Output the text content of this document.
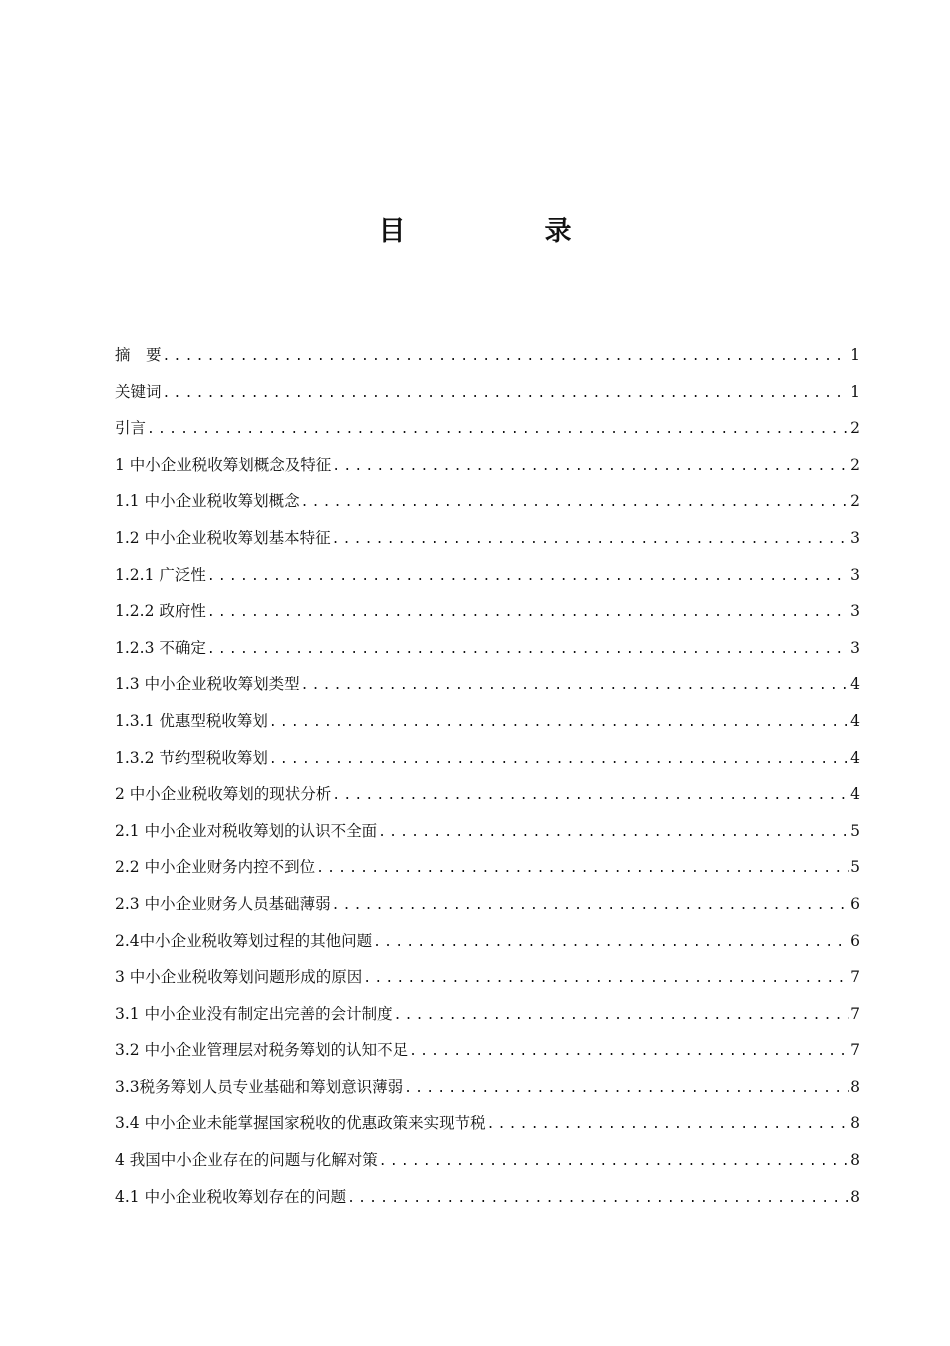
目　录
摘　要 .....	1
关键词 .....	1
引言 .....	2
1 中小企业税收筹划概念及特征 .....	2
1.1 中小企业税收筹划概念 .....	2
1.2 中小企业税收筹划基本特征 .....	3
1.2.1 广泛性 .....	3
1.2.2 政府性 .....	3
1.2.3 不确定 .....	3
1.3 中小企业税收筹划类型 .....	4
1.3.1 优惠型税收筹划 .....	4
1.3.2 节约型税收筹划 .....	4
2 中小企业税收筹划的现状分析 .....	4
2.1 中小企业对税收筹划的认识不全面 .....	5
2.2 中小企业财务内控不到位 .....	5
2.3 中小企业财务人员基础薄弱 .....	6
2.4中小企业税收筹划过程的其他问题 .....	6
3 中小企业税收筹划问题形成的原因 .....	7
3.1 中小企业没有制定出完善的会计制度 .....	7
3.2 中小企业管理层对税务筹划的认知不足 .....	7
3.3税务筹划人员专业基础和筹划意识薄弱 .....	8
3.4 中小企业未能掌握国家税收的优惠政策来实现节税 .....	8
4 我国中小企业存在的问题与化解对策 .....	8
4.1 中小企业税收筹划存在的问题 .....	8
